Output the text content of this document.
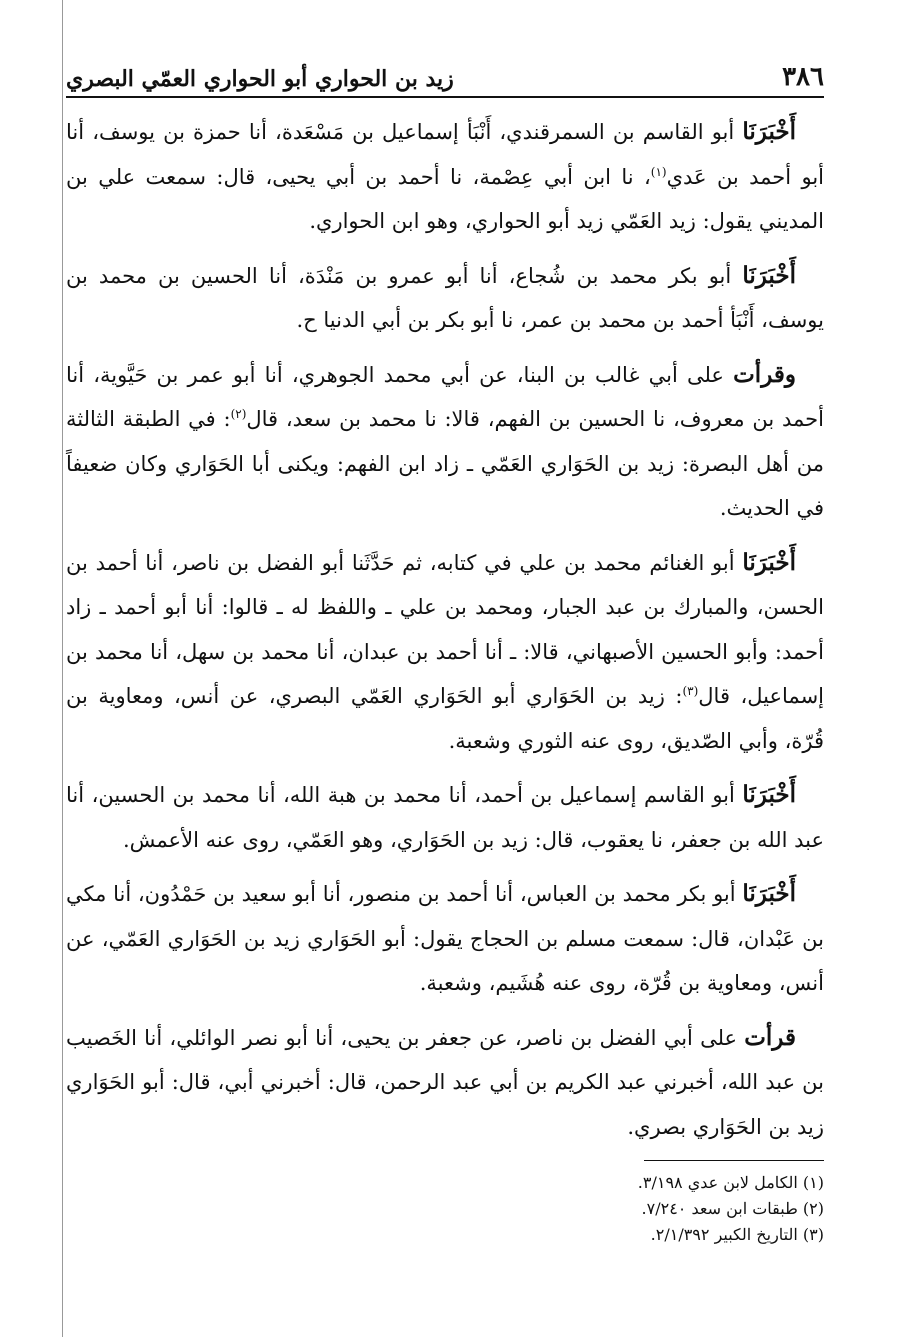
٣٨٦
زيد بن الحواري أبو الحواري العمّي البصري

أَخْبَرَنَا أبو القاسم بن السمرقندي، أَنْبَأ إسماعيل بن مَسْعَدة، أنا حمزة بن يوسف، أنا أبو أحمد بن عَدي$^{(١)}$، نا ابن أبي عِصْمة، نا أحمد بن أبي يحيى، قال: سمعت علي بن المديني يقول: زيد العَمّي زيد أبو الحواري، وهو ابن الحواري.

أَخْبَرَنَا أبو بكر محمد بن شُجاع، أنا أبو عمرو بن مَنْدَة، أنا الحسين بن محمد بن يوسف، أَنْبَأ أحمد بن محمد بن عمر، نا أبو بكر بن أبي الدنيا ح.

وقرأت على أبي غالب بن البنا، عن أبي محمد الجوهري، أنا أبو عمر بن حَيَّوية، أنا أحمد بن معروف، نا الحسين بن الفهم، قالا: نا محمد بن سعد، قال$^{(٢)}$: في الطبقة الثالثة من أهل البصرة: زيد بن الحَوَاري العَمّي ـ زاد ابن الفهم: ويكنى أبا الحَوَاري وكان ضعيفاً في الحديث.

أَخْبَرَنَا أبو الغنائم محمد بن علي في كتابه، ثم حَدَّثَنا أبو الفضل بن ناصر، أنا أحمد بن الحسن، والمبارك بن عبد الجبار، ومحمد بن علي ـ واللفظ له ـ قالوا: أنا أبو أحمد ـ زاد أحمد: وأبو الحسين الأصبهاني، قالا: ـ أنا أحمد بن عبدان، أنا محمد بن سهل، أنا محمد بن إسماعيل، قال$^{(٣)}$: زيد بن الحَوَاري أبو الحَوَاري العَمّي البصري، عن أنس، ومعاوية بن قُرّة، وأبي الصّديق، روى عنه الثوري وشعبة.

أَخْبَرَنَا أبو القاسم إسماعيل بن أحمد، أنا محمد بن هبة الله، أنا محمد بن الحسين، أنا عبد الله بن جعفر، نا يعقوب، قال: زيد بن الحَوَاري، وهو العَمّي، روى عنه الأعمش.

أَخْبَرَنَا أبو بكر محمد بن العباس، أنا أحمد بن منصور، أنا أبو سعيد بن حَمْدُون، أنا مكي بن عَبْدان، قال: سمعت مسلم بن الحجاج يقول: أبو الحَوَاري زيد بن الحَوَاري العَمّي، عن أنس، ومعاوية بن قُرّة، روى عنه هُشَيم، وشعبة.

قرأت على أبي الفضل بن ناصر، عن جعفر بن يحيى، أنا أبو نصر الوائلي، أنا الخَصيب بن عبد الله، أخبرني عبد الكريم بن أبي عبد الرحمن، قال: أخبرني أبي، قال: أبو الحَوَاري زيد بن الحَوَاري بصري.

(١) الكامل لابن عدي ٣/١٩٨.
(٢) طبقات ابن سعد ٧/٢٤٠.
(٣) التاريخ الكبير ٢/١/٣٩٢.
